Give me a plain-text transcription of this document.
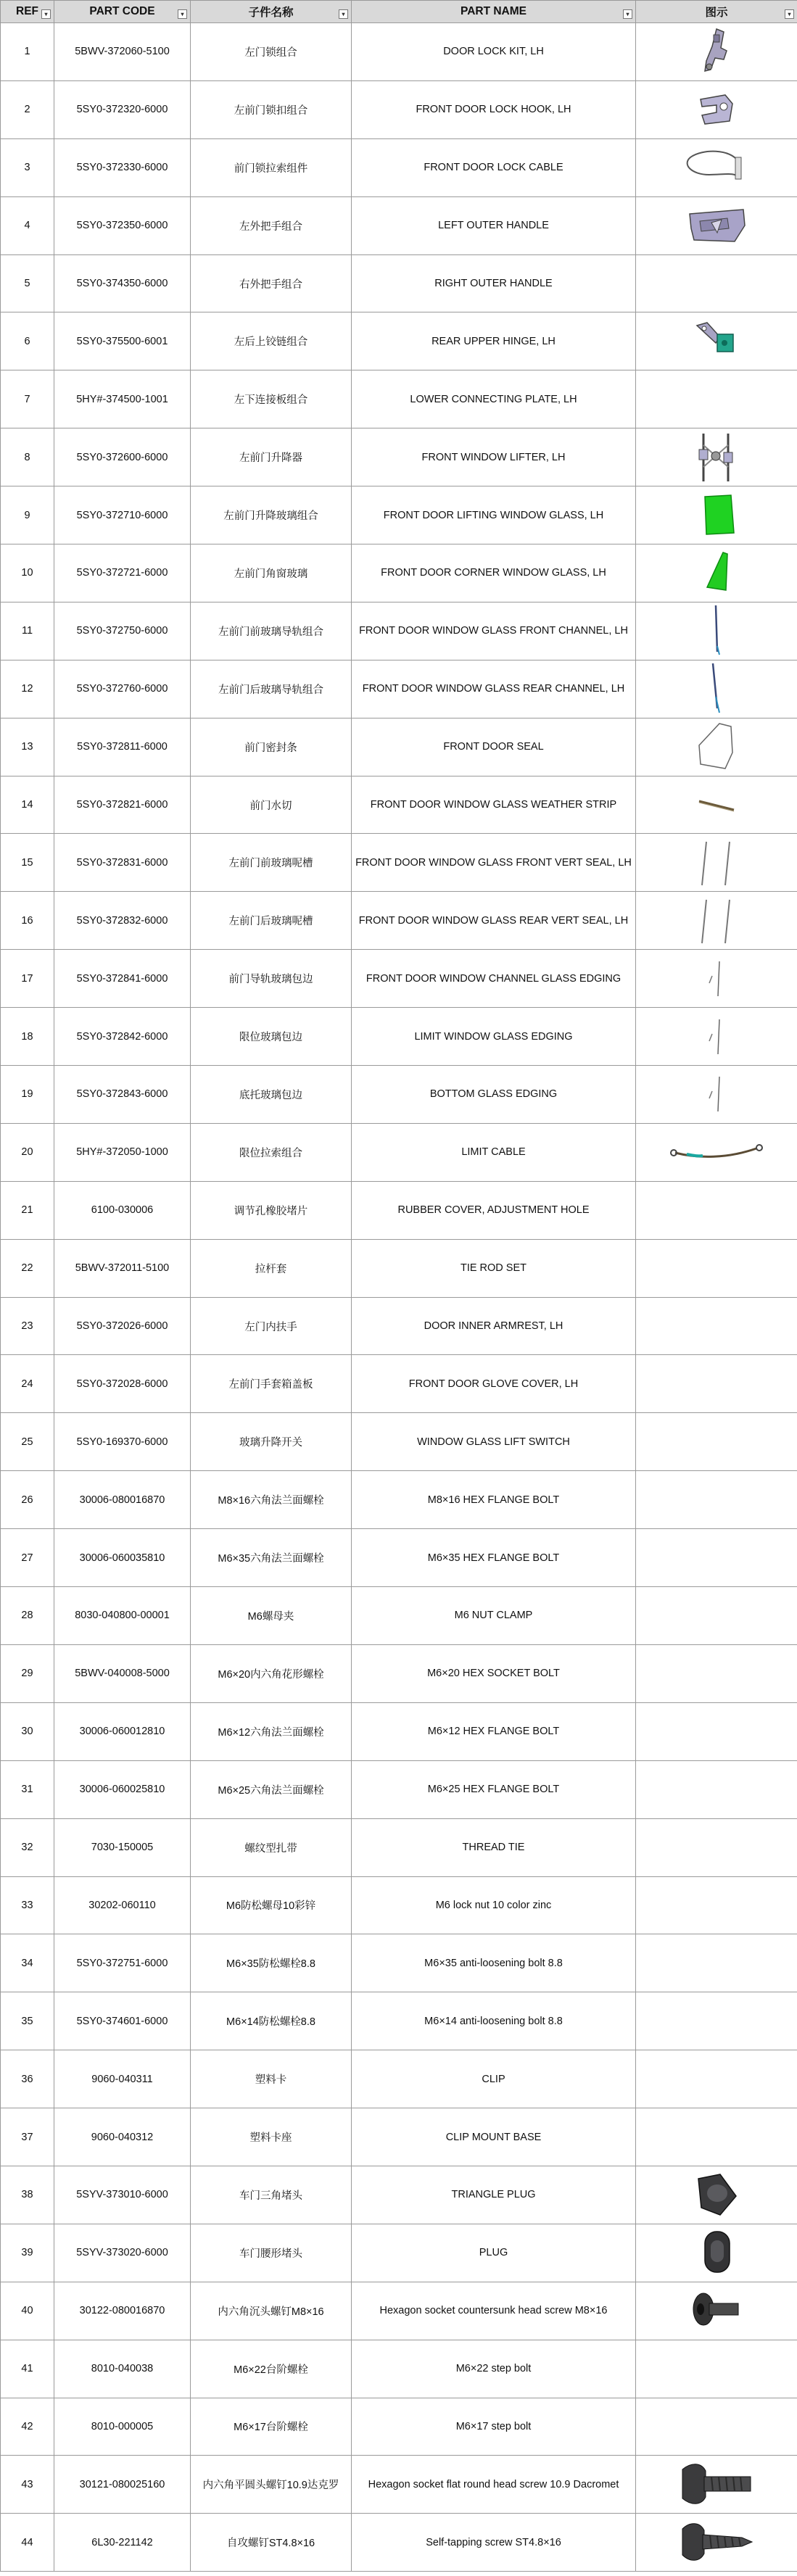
REF ▾	PART CODE ▾	子件名称 ▾	PART NAME ▾	图示 ▾

1	5BWV-372060-5100	左门锁组合	DOOR LOCK KIT, LH	

2	5SY0-372320-6000	左前门锁扣组合	FRONT DOOR LOCK HOOK, LH	

3	5SY0-372330-6000	前门锁拉索组件	FRONT DOOR LOCK CABLE	

4	5SY0-372350-6000	左外把手组合	LEFT OUTER HANDLE	

5	5SY0-374350-6000	右外把手组合	RIGHT OUTER HANDLE	
6	5SY0-375500-6001	左后上铰链组合	REAR UPPER HINGE, LH	

7	5HY#-374500-1001	左下连接板组合	LOWER CONNECTING PLATE, LH	
8	5SY0-372600-6000	左前门升降器	FRONT WINDOW LIFTER, LH	

9	5SY0-372710-6000	左前门升降玻璃组合	FRONT DOOR LIFTING WINDOW GLASS, LH	

10	5SY0-372721-6000	左前门角窗玻璃	FRONT DOOR CORNER WINDOW GLASS, LH	

11	5SY0-372750-6000	左前门前玻璃导轨组合	FRONT DOOR WINDOW GLASS FRONT CHANNEL, LH	

12	5SY0-372760-6000	左前门后玻璃导轨组合	FRONT DOOR WINDOW GLASS REAR CHANNEL, LH	

13	5SY0-372811-6000	前门密封条	FRONT DOOR SEAL	

14	5SY0-372821-6000	前门水切	FRONT DOOR WINDOW GLASS WEATHER STRIP	

15	5SY0-372831-6000	左前门前玻璃呢槽	FRONT DOOR WINDOW GLASS FRONT VERT SEAL, LH	

16	5SY0-372832-6000	左前门后玻璃呢槽	FRONT DOOR WINDOW GLASS REAR VERT SEAL, LH	

17	5SY0-372841-6000	前门导轨玻璃包边	FRONT DOOR WINDOW CHANNEL GLASS EDGING	

18	5SY0-372842-6000	限位玻璃包边	LIMIT WINDOW GLASS EDGING	

19	5SY0-372843-6000	底托玻璃包边	BOTTOM GLASS EDGING	

20	5HY#-372050-1000	限位拉索组合	LIMIT CABLE	

21	6100-030006	调节孔橡胶堵片	RUBBER COVER, ADJUSTMENT HOLE	
22	5BWV-372011-5100	拉杆套	TIE ROD SET	
23	5SY0-372026-6000	左门内扶手	DOOR INNER ARMREST, LH	
24	5SY0-372028-6000	左前门手套箱盖板	FRONT DOOR GLOVE COVER, LH	
25	5SY0-169370-6000	玻璃升降开关	WINDOW GLASS LIFT SWITCH	
26	30006-080016870	M8×16六角法兰面螺栓	M8×16 HEX FLANGE BOLT	
27	30006-060035810	M6×35六角法兰面螺栓	M6×35 HEX FLANGE BOLT	
28	8030-040800-00001	M6螺母夹	M6 NUT CLAMP	
29	5BWV-040008-5000	M6×20内六角花形螺栓	M6×20 HEX SOCKET BOLT	
30	30006-060012810	M6×12六角法兰面螺栓	M6×12 HEX FLANGE BOLT	
31	30006-060025810	M6×25六角法兰面螺栓	M6×25 HEX FLANGE BOLT	
32	7030-150005	螺纹型扎带	THREAD TIE	
33	30202-060110	M6防松螺母10彩锌	M6 lock nut 10 color zinc	
34	5SY0-372751-6000	M6×35防松螺栓8.8	M6×35 anti-loosening bolt 8.8	
35	5SY0-374601-6000	M6×14防松螺栓8.8	M6×14 anti-loosening bolt 8.8	
36	9060-040311	塑料卡	CLIP	
37	9060-040312	塑料卡座	CLIP MOUNT BASE	
38	5SYV-373010-6000	车门三角堵头	TRIANGLE PLUG	

39	5SYV-373020-6000	车门腰形堵头	PLUG	

40	30122-080016870	内六角沉头螺钉M8×16	Hexagon socket countersunk head screw M8×16	

41	8010-040038	M6×22台阶螺栓	M6×22 step bolt	
42	8010-000005	M6×17台阶螺栓	M6×17 step bolt	
43	30121-080025160	内六角平圆头螺钉10.9达克罗	Hexagon socket flat round head screw 10.9 Dacromet	

44	6L30-221142	自攻螺钉ST4.8×16	Self-tapping screw ST4.8×16	
